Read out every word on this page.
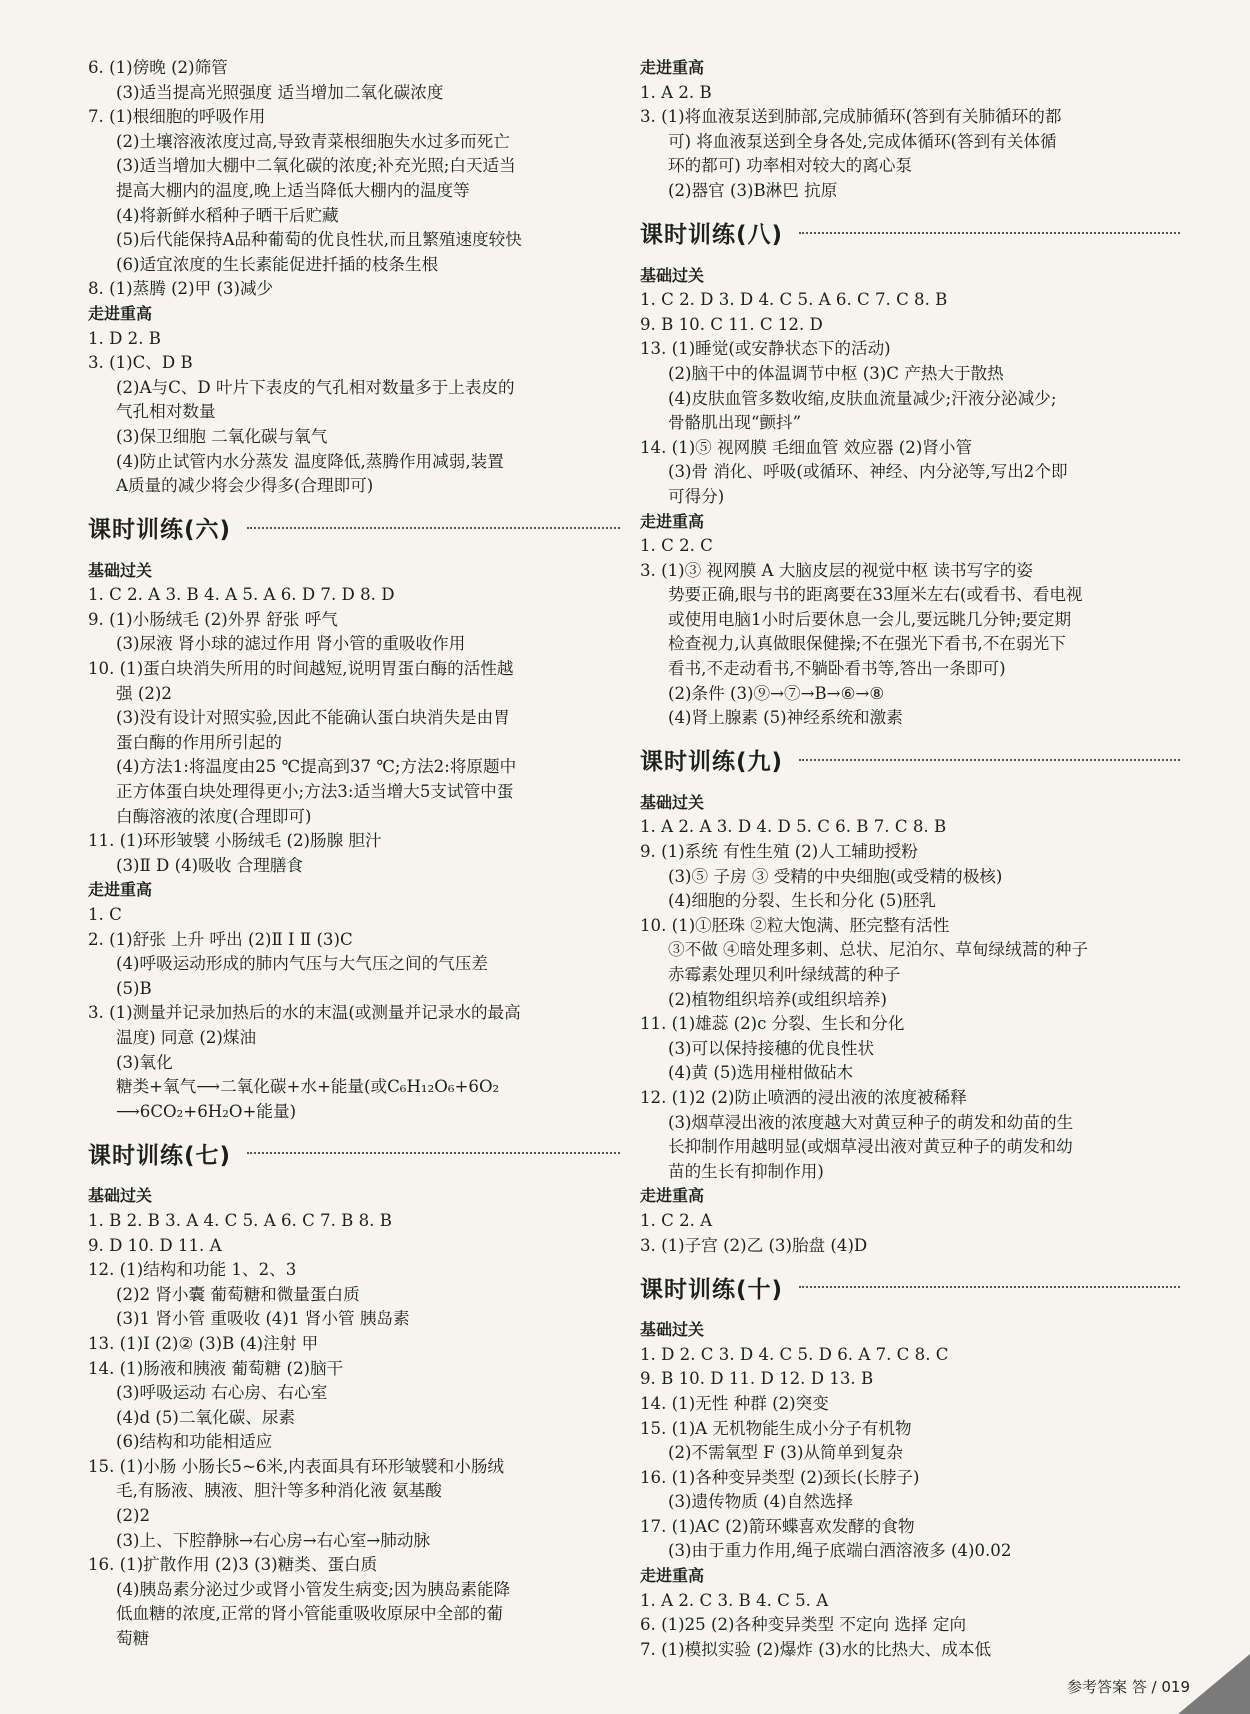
6. (1)傍晚 (2)筛管
(3)适当提高光照强度 适当增加二氧化碳浓度
7. (1)根细胞的呼吸作用
(2)土壤溶液浓度过高,导致青菜根细胞失水过多而死亡
(3)适当增加大棚中二氧化碳的浓度;补充光照;白天适当
提高大棚内的温度,晚上适当降低大棚内的温度等
(4)将新鲜水稻种子晒干后贮藏
(5)后代能保持A品种葡萄的优良性状,而且繁殖速度较快
(6)适宜浓度的生长素能促进扦插的枝条生根
8. (1)蒸腾 (2)甲 (3)减少
走进重高
1. D 2. B
3. (1)C、D B
(2)A与C、D 叶片下表皮的气孔相对数量多于上表皮的
气孔相对数量
(3)保卫细胞 二氧化碳与氧气
(4)防止试管内水分蒸发 温度降低,蒸腾作用减弱,装置
A质量的减少将会少得多(合理即可)
课时训练(六)
基础过关
1. C 2. A 3. B 4. A 5. A 6. D 7. D 8. D
9. (1)小肠绒毛 (2)外界 舒张 呼气
(3)尿液 肾小球的滤过作用 肾小管的重吸收作用
10. (1)蛋白块消失所用的时间越短,说明胃蛋白酶的活性越
强 (2)2
(3)没有设计对照实验,因此不能确认蛋白块消失是由胃
蛋白酶的作用所引起的
(4)方法1:将温度由25 ℃提高到37 ℃;方法2:将原题中
正方体蛋白块处理得更小;方法3:适当增大5支试管中蛋
白酶溶液的浓度(合理即可)
11. (1)环形皱襞 小肠绒毛 (2)肠腺 胆汁
(3)Ⅱ D (4)吸收 合理膳食
走进重高
1. C
2. (1)舒张 上升 呼出 (2)Ⅱ Ⅰ Ⅱ (3)C
(4)呼吸运动形成的肺内气压与大气压之间的气压差
(5)B
3. (1)测量并记录加热后的水的末温(或测量并记录水的最高
温度) 同意 (2)煤油
(3)氧化
糖类+氧气⟶二氧化碳+水+能量(或C₆H₁₂O₆+6O₂
⟶6CO₂+6H₂O+能量)
课时训练(七)
基础过关
1. B 2. B 3. A 4. C 5. A 6. C 7. B 8. B
9. D 10. D 11. A
12. (1)结构和功能 1、2、3
(2)2 肾小囊 葡萄糖和微量蛋白质
(3)1 肾小管 重吸收 (4)1 肾小管 胰岛素
13. (1)Ⅰ (2)② (3)B (4)注射 甲
14. (1)肠液和胰液 葡萄糖 (2)脑干
(3)呼吸运动 右心房、右心室
(4)d (5)二氧化碳、尿素
(6)结构和功能相适应
15. (1)小肠 小肠长5~6米,内表面具有环形皱襞和小肠绒
毛,有肠液、胰液、胆汁等多种消化液 氨基酸
(2)2
(3)上、下腔静脉→右心房→右心室→肺动脉
16. (1)扩散作用 (2)3 (3)糖类、蛋白质
(4)胰岛素分泌过少或肾小管发生病变;因为胰岛素能降
低血糖的浓度,正常的肾小管能重吸收原尿中全部的葡
萄糖
走进重高
1. A 2. B
3. (1)将血液泵送到肺部,完成肺循环(答到有关肺循环的都
可) 将血液泵送到全身各处,完成体循环(答到有关体循
环的都可) 功率相对较大的离心泵
(2)器官 (3)B淋巴 抗原
课时训练(八)
基础过关
1. C 2. D 3. D 4. C 5. A 6. C 7. C 8. B
9. B 10. C 11. C 12. D
13. (1)睡觉(或安静状态下的活动)
(2)脑干中的体温调节中枢 (3)C 产热大于散热
(4)皮肤血管多数收缩,皮肤血流量减少;汗液分泌减少;
骨骼肌出现“颤抖”
14. (1)⑤ 视网膜 毛细血管 效应器 (2)肾小管
(3)骨 消化、呼吸(或循环、神经、内分泌等,写出2个即
可得分)
走进重高
1. C 2. C
3. (1)③ 视网膜 A 大脑皮层的视觉中枢 读书写字的姿
势要正确,眼与书的距离要在33厘米左右(或看书、看电视
或使用电脑1小时后要休息一会儿,要远眺几分钟;要定期
检查视力,认真做眼保健操;不在强光下看书,不在弱光下
看书,不走动看书,不躺卧看书等,答出一条即可)
(2)条件 (3)⑨→⑦→B→⑥→⑧
(4)肾上腺素 (5)神经系统和激素
课时训练(九)
基础过关
1. A 2. A 3. D 4. D 5. C 6. B 7. C 8. B
9. (1)系统 有性生殖 (2)人工辅助授粉
(3)⑤ 子房 ③ 受精的中央细胞(或受精的极核)
(4)细胞的分裂、生长和分化 (5)胚乳
10. (1)①胚珠 ②粒大饱满、胚完整有活性
③不做 ④暗处理多刺、总状、尼泊尔、草甸绿绒蒿的种子
赤霉素处理贝利叶绿绒蒿的种子
(2)植物组织培养(或组织培养)
11. (1)雄蕊 (2)c 分裂、生长和分化
(3)可以保持接穗的优良性状
(4)黄 (5)选用椪柑做砧木
12. (1)2 (2)防止喷洒的浸出液的浓度被稀释
(3)烟草浸出液的浓度越大对黄豆种子的萌发和幼苗的生
长抑制作用越明显(或烟草浸出液对黄豆种子的萌发和幼
苗的生长有抑制作用)
走进重高
1. C 2. A
3. (1)子宫 (2)乙 (3)胎盘 (4)D
课时训练(十)
基础过关
1. D 2. C 3. D 4. C 5. D 6. A 7. C 8. C
9. B 10. D 11. D 12. D 13. B
14. (1)无性 种群 (2)突变
15. (1)A 无机物能生成小分子有机物
(2)不需氧型 F (3)从简单到复杂
16. (1)各种变异类型 (2)颈长(长脖子)
(3)遗传物质 (4)自然选择
17. (1)AC (2)箭环蝶喜欢发酵的食物
(3)由于重力作用,绳子底端白酒溶液多 (4)0.02
走进重高
1. A 2. C 3. B 4. C 5. A
6. (1)25 (2)各种变异类型 不定向 选择 定向
7. (1)模拟实验 (2)爆炸 (3)水的比热大、成本低
参考答案 答 / 019
